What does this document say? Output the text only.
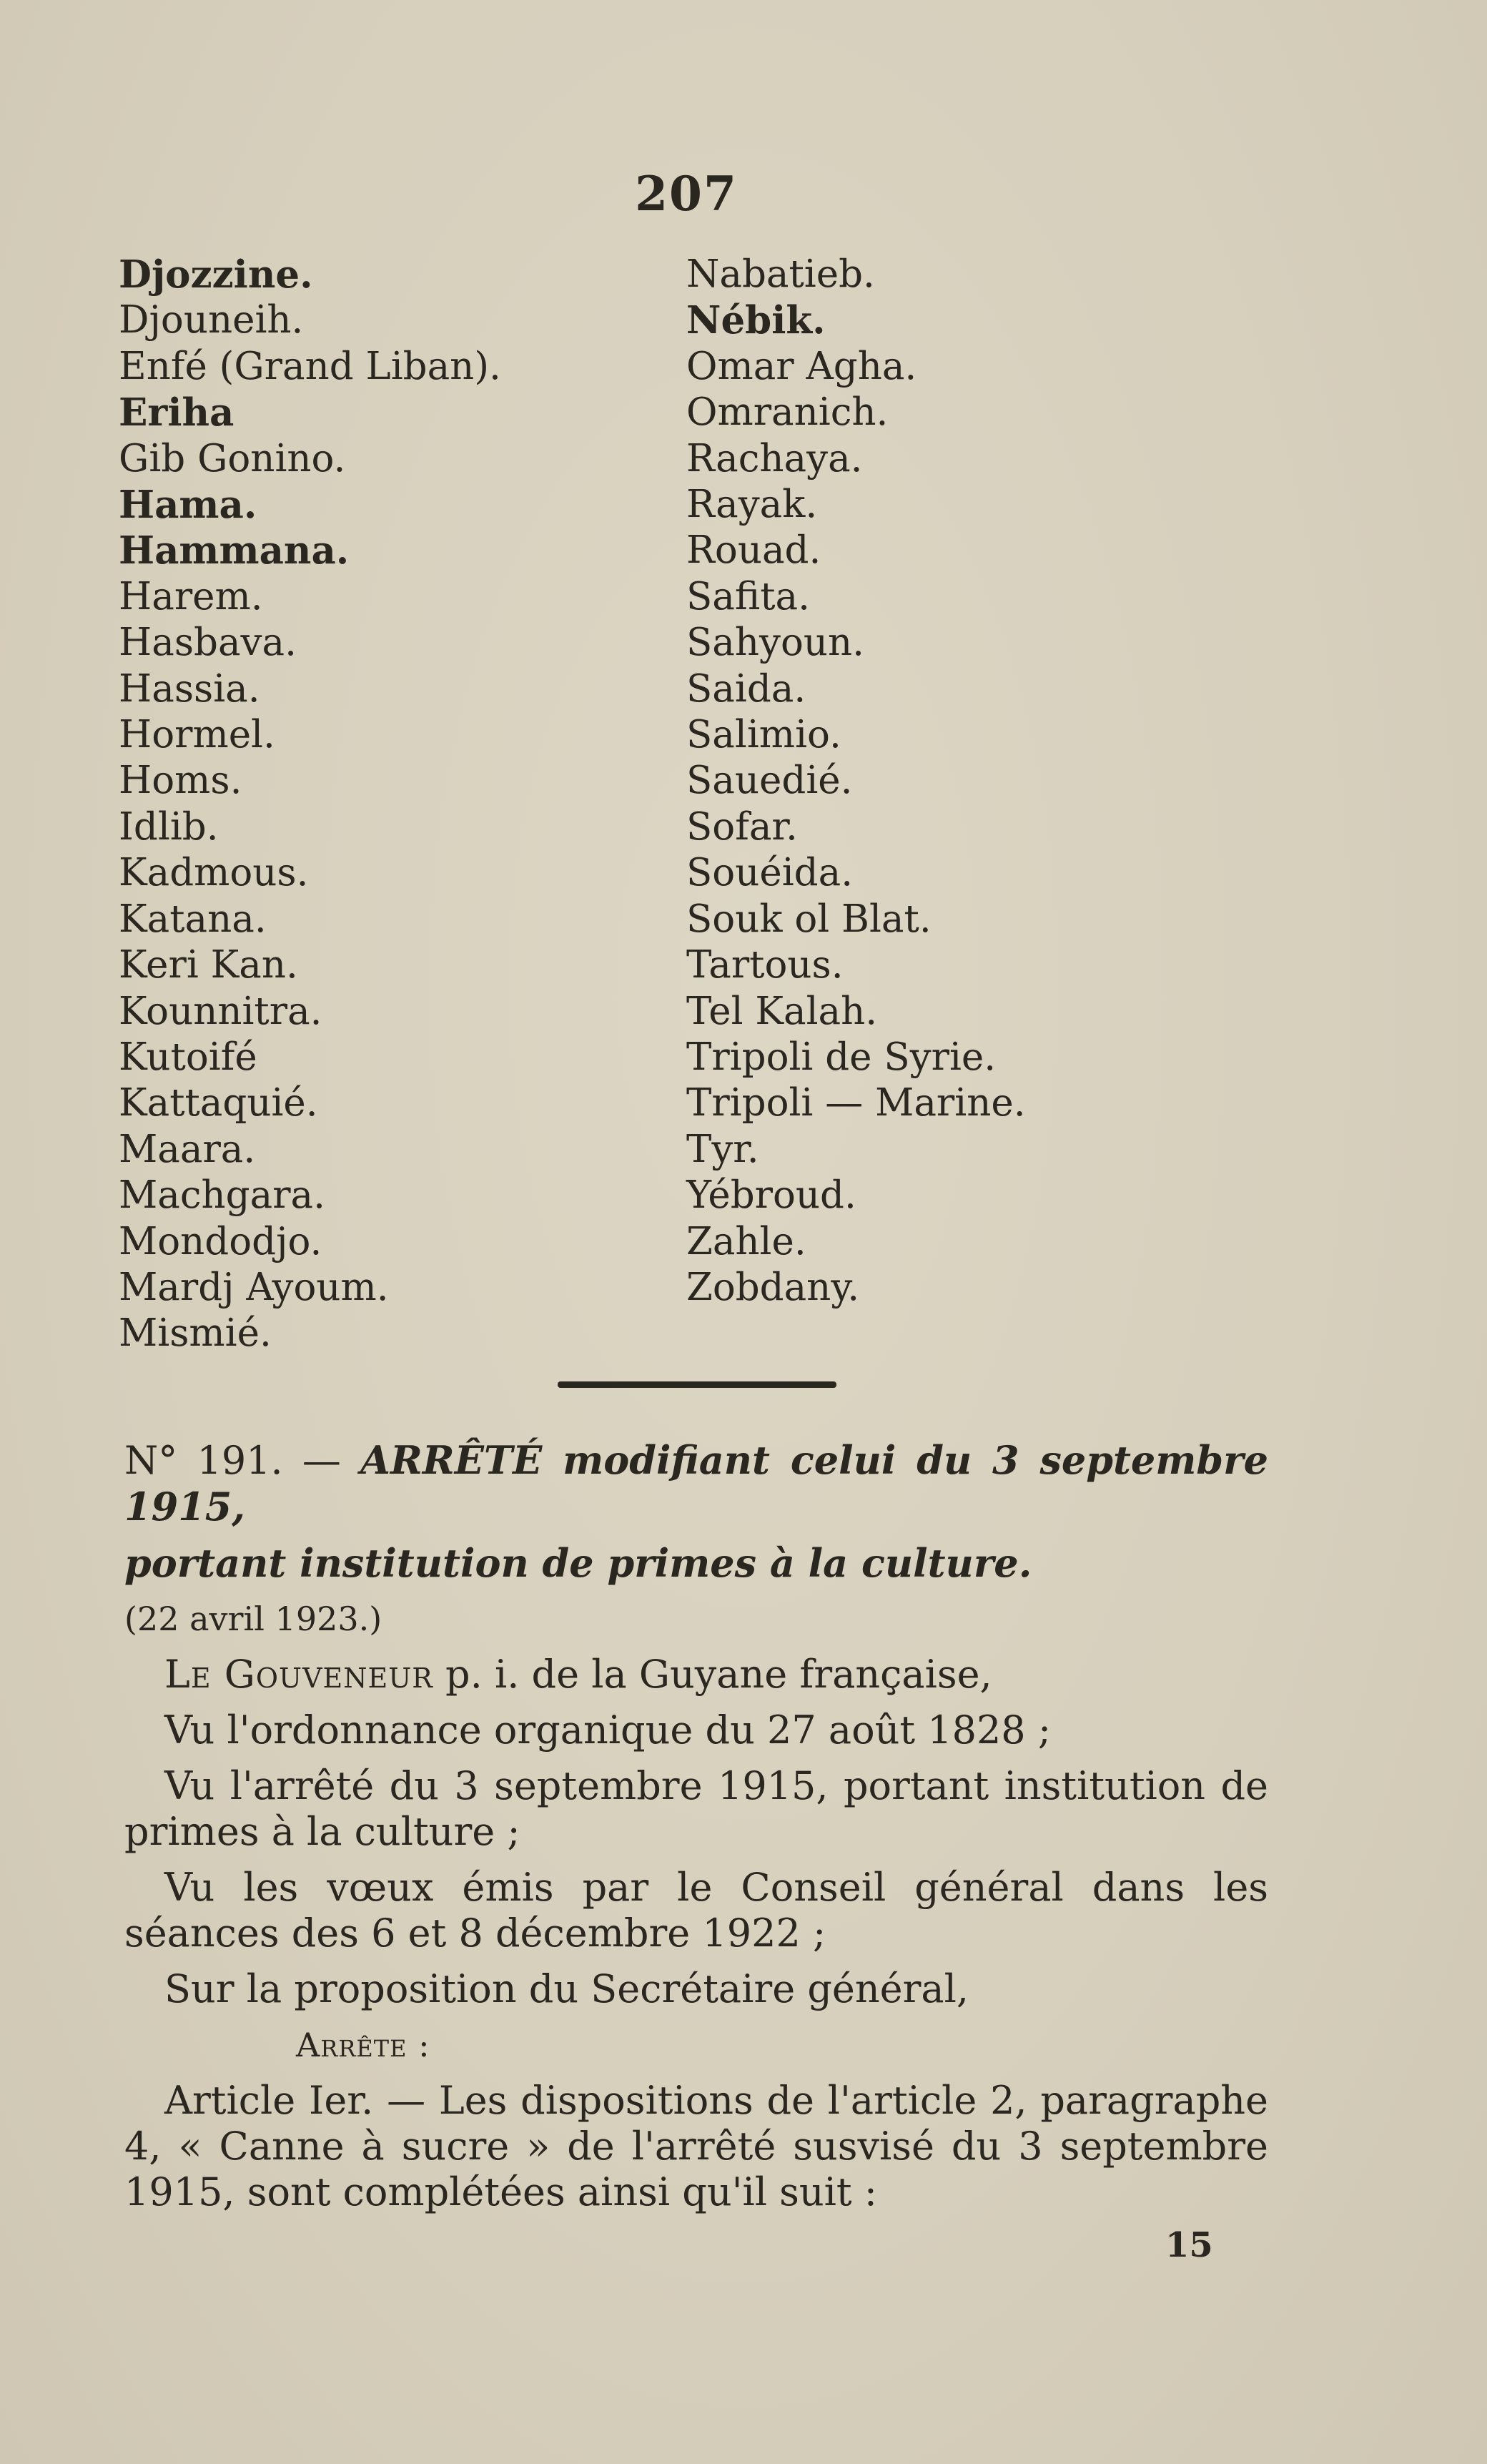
207
Djozzine.
Djouneih.
Enfé (Grand Liban).
Eriha
Gib Gonino.
Hama.
Hammana.
Harem.
Hasbava.
Hassia.
Hormel.
Homs.
Idlib.
Kadmous.
Katana.
Keri Kan.
Kounnitra.
Kutoifé
Kattaquié.
Maara.
Machgara.
Mondodjo.
Mardj Ayoum.
Mismié.
Nabatieb.
Nébik.
Omar Agha.
Omranich.
Rachaya.
Rayak.
Rouad.
Safita.
Sahyoun.
Saida.
Salimio.
Sauedié.
Sofar.
Souéida.
Souk ol Blat.
Tartous.
Tel Kalah.
Tripoli de Syrie.
Tripoli — Marine.
Tyr.
Yébroud.
Zahle.
Zobdany.

N° 191. — ARRÊTÉ modifiant celui du 3 septembre 1915,

portant institution de primes à la culture.

(22 avril 1923.)

Le Gouveneur p. i. de la Guyane française,

Vu l'ordonnance organique du 27 août 1828 ;

Vu l'arrêté du 3 septembre 1915, portant institution de primes à la culture ;

Vu les vœux émis par le Conseil général dans les séances des 6 et 8 décembre 1922 ;

Sur la proposition du Secrétaire général,

Arrête :

Article Ier. — Les dispositions de l'article 2, paragraphe 4, « Canne à sucre » de l'arrêté susvisé du 3 septembre 1915, sont complétées ainsi qu'il suit :

15
